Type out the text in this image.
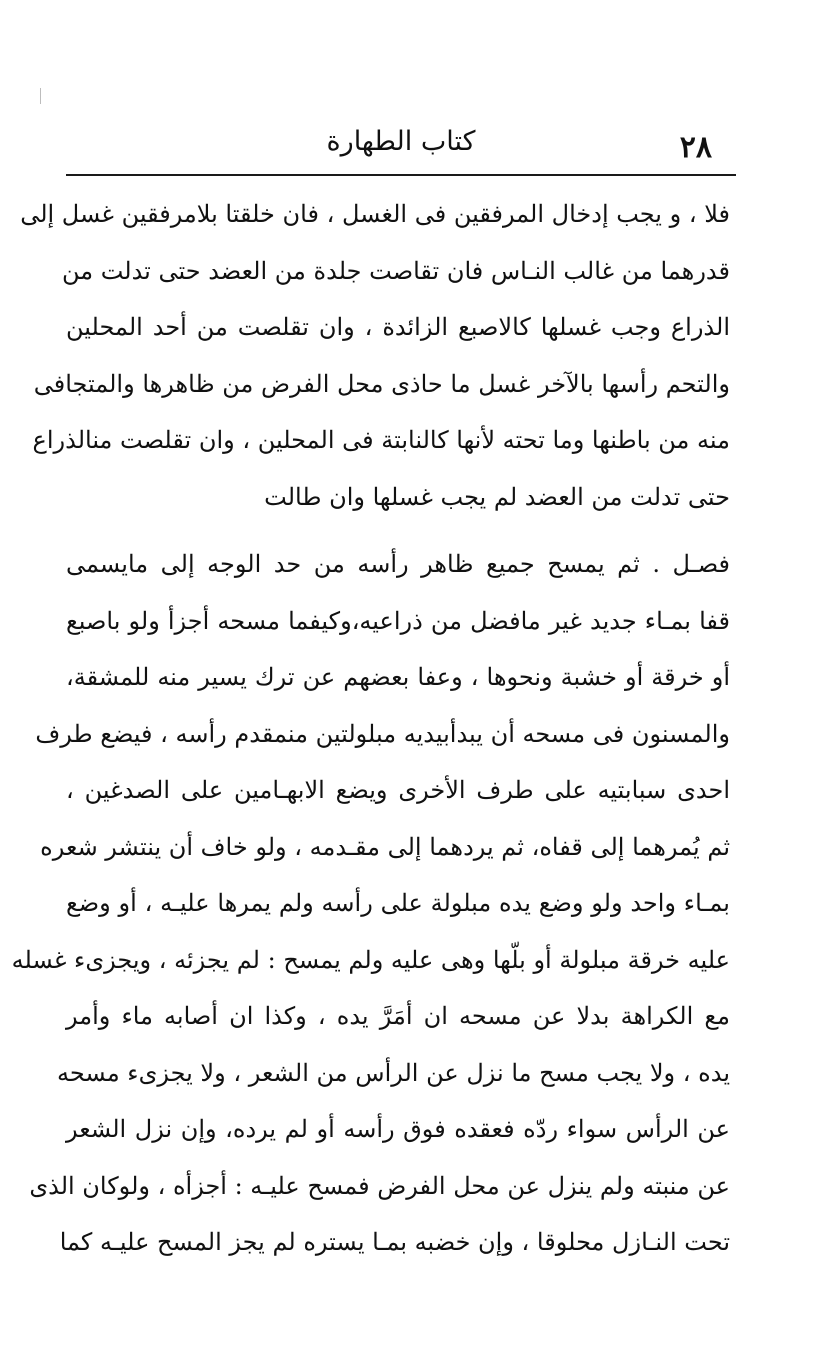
كتاب الطهارة	٢٨
فلا ، و يجب إدخال المرفقين فى الغسل ، فان خلقتا بلامرفقين غسل إلى
قدرهما من غالب النـاس فان تقاصت جلدة من العضد حتى تدلت من
الذراع وجب غسلها كالاصبع الزائدة ، وان تقلصت من أحد المحلين
والتحم رأسها بالآخر غسل ما حاذى محل الفرض من ظاهرها والمتجافى
منه من باطنها وما تحته لأنها كالنابتة فى المحلين ، وان تقلصت منالذراع
حتى تدلت من العضد لم يجب غسلها وان طالت
فصـل . ثم يمسح جميع ظاهر رأسه من حد الوجه إلى مايسمى
قفا بمـاء جديد غير مافضل من ذراعيه،وكيفما مسحه أجزأ ولو باصبع
أو خرقة أو خشبة ونحوها ، وعفا بعضهم عن ترك يسير منه للمشقة،
والمسنون فى مسحه أن يبدأبيديه مبلولتين منمقدم رأسه ، فيضع طرف
احدى سبابتيه على طرف الأخرى ويضع الابهـامين على الصدغين ،
ثم يُمرهما إلى قفاه، ثم يردهما إلى مقـدمه ، ولو خاف أن ينتشر شعره
بمـاء واحد ولو وضع يده مبلولة على رأسه ولم يمرها عليـه ، أو وضع
عليه خرقة مبلولة أو بلّها وهى عليه ولم يمسح : لم يجزئه ، ويجزىء غسله
مع الكراهة بدلا عن مسحه ان أمَرَّ يده ، وكذا ان أصابه ماء وأمر
يده ، ولا يجب مسح ما نزل عن الرأس من الشعر ، ولا يجزىء مسحه
عن الرأس سواء ردّه فعقده فوق رأسه أو لم يرده، وإن نزل الشعر
عن منبته ولم ينزل عن محل الفرض فمسح عليـه : أجزأه ، ولوكان الذى
تحت النـازل محلوقا ، وإن خضبه بمـا يستره لم يجز المسح عليـه كما
